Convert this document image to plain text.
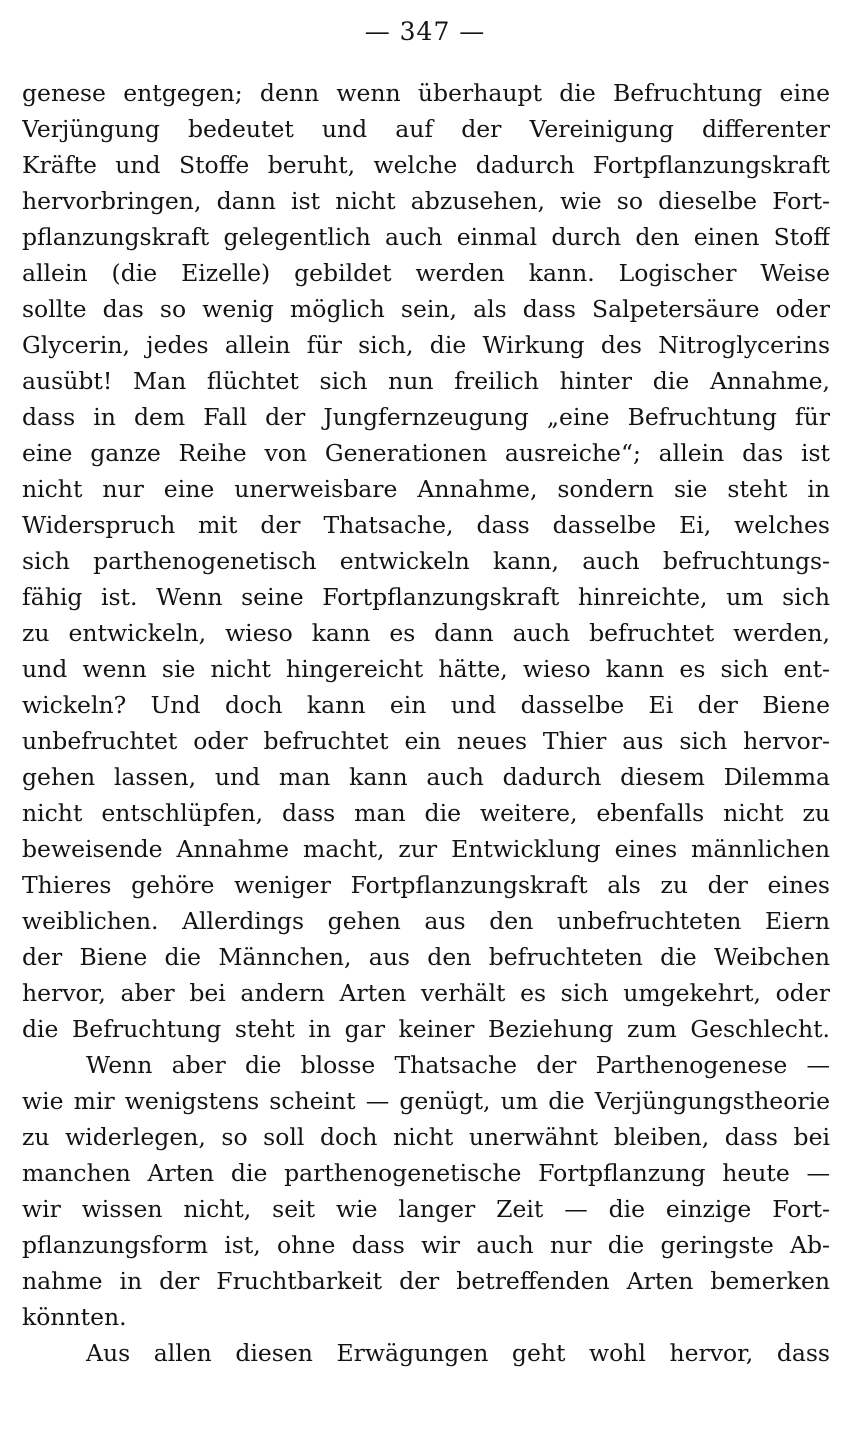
— 347 —
genese entgegen; denn wenn überhaupt die Befruchtung eine
Verjüngung bedeutet und auf der Vereinigung differenter
Kräfte und Stoffe beruht, welche dadurch Fortpflanzungskraft
hervorbringen, dann ist nicht abzusehen, wie so dieselbe Fort-
pflanzungskraft gelegentlich auch einmal durch den einen Stoff
allein (die Eizelle) gebildet werden kann. Logischer Weise
sollte das so wenig möglich sein, als dass Salpetersäure oder
Glycerin, jedes allein für sich, die Wirkung des Nitroglycerins
ausübt! Man flüchtet sich nun freilich hinter die Annahme,
dass in dem Fall der Jungfernzeugung „eine Befruchtung für
eine ganze Reihe von Generationen ausreiche“; allein das ist
nicht nur eine unerweisbare Annahme, sondern sie steht in
Widerspruch mit der Thatsache, dass dasselbe Ei, welches
sich parthenogenetisch entwickeln kann, auch befruchtungs-
fähig ist. Wenn seine Fortpflanzungskraft hinreichte, um sich
zu entwickeln, wieso kann es dann auch befruchtet werden,
und wenn sie nicht hingereicht hätte, wieso kann es sich ent-
wickeln? Und doch kann ein und dasselbe Ei der Biene
unbefruchtet oder befruchtet ein neues Thier aus sich hervor-
gehen lassen, und man kann auch dadurch diesem Dilemma
nicht entschlüpfen, dass man die weitere, ebenfalls nicht zu
beweisende Annahme macht, zur Entwicklung eines männlichen
Thieres gehöre weniger Fortpflanzungskraft als zu der eines
weiblichen. Allerdings gehen aus den unbefruchteten Eiern
der Biene die Männchen, aus den befruchteten die Weibchen
hervor, aber bei andern Arten verhält es sich umgekehrt, oder
die Befruchtung steht in gar keiner Beziehung zum Geschlecht.
Wenn aber die blosse Thatsache der Parthenogenese —
wie mir wenigstens scheint — genügt, um die Verjüngungstheorie
zu widerlegen, so soll doch nicht unerwähnt bleiben, dass bei
manchen Arten die parthenogenetische Fortpflanzung heute —
wir wissen nicht, seit wie langer Zeit — die einzige Fort-
pflanzungsform ist, ohne dass wir auch nur die geringste Ab-
nahme in der Fruchtbarkeit der betreffenden Arten bemerken
könnten.
Aus allen diesen Erwägungen geht wohl hervor, dass
